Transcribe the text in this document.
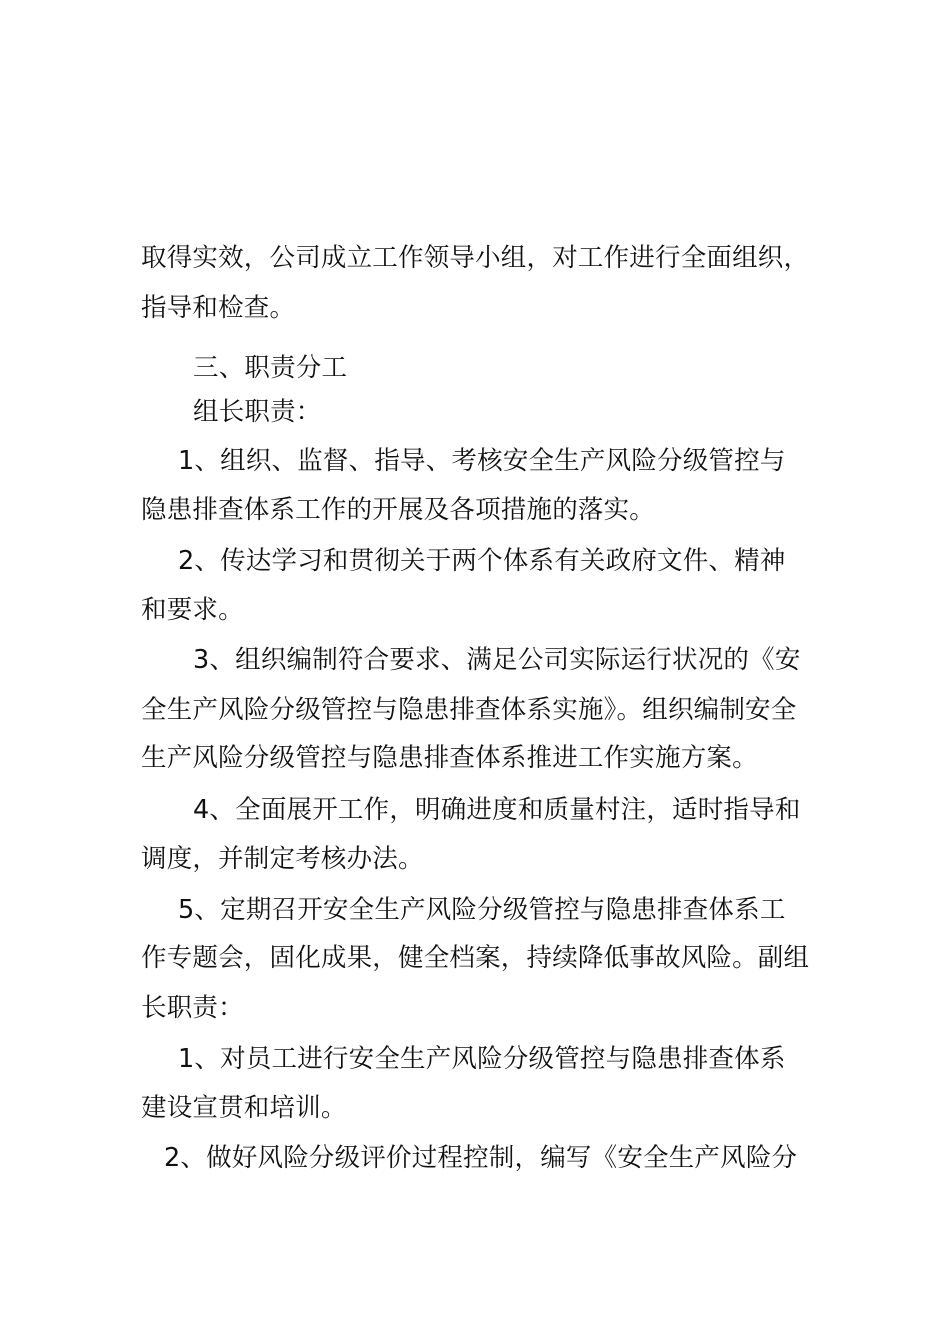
取得实效，公司成立工作领导小组，对工作进行全面组织，
指导和检查。
三、职责分工
组长职责：
1、组织、监督、指导、考核安全生产风险分级管控与
隐患排查体系工作的开展及各项措施的落实。
2、传达学习和贯彻关于两个体系有关政府文件、精神
和要求。
3、组织编制符合要求、满足公司实际运行状况的《安
全生产风险分级管控与隐患排查体系实施》。组织编制安全
生产风险分级管控与隐患排查体系推进工作实施方案。
4、全面展开工作，明确进度和质量村注，适时指导和
调度，并制定考核办法。
5、定期召开安全生产风险分级管控与隐患排查体系工
作专题会，固化成果，健全档案，持续降低事故风险。副组
长职责：
1、对员工进行安全生产风险分级管控与隐患排查体系
建设宣贯和培训。
2、做好风险分级评价过程控制，编写《安全生产风险分
